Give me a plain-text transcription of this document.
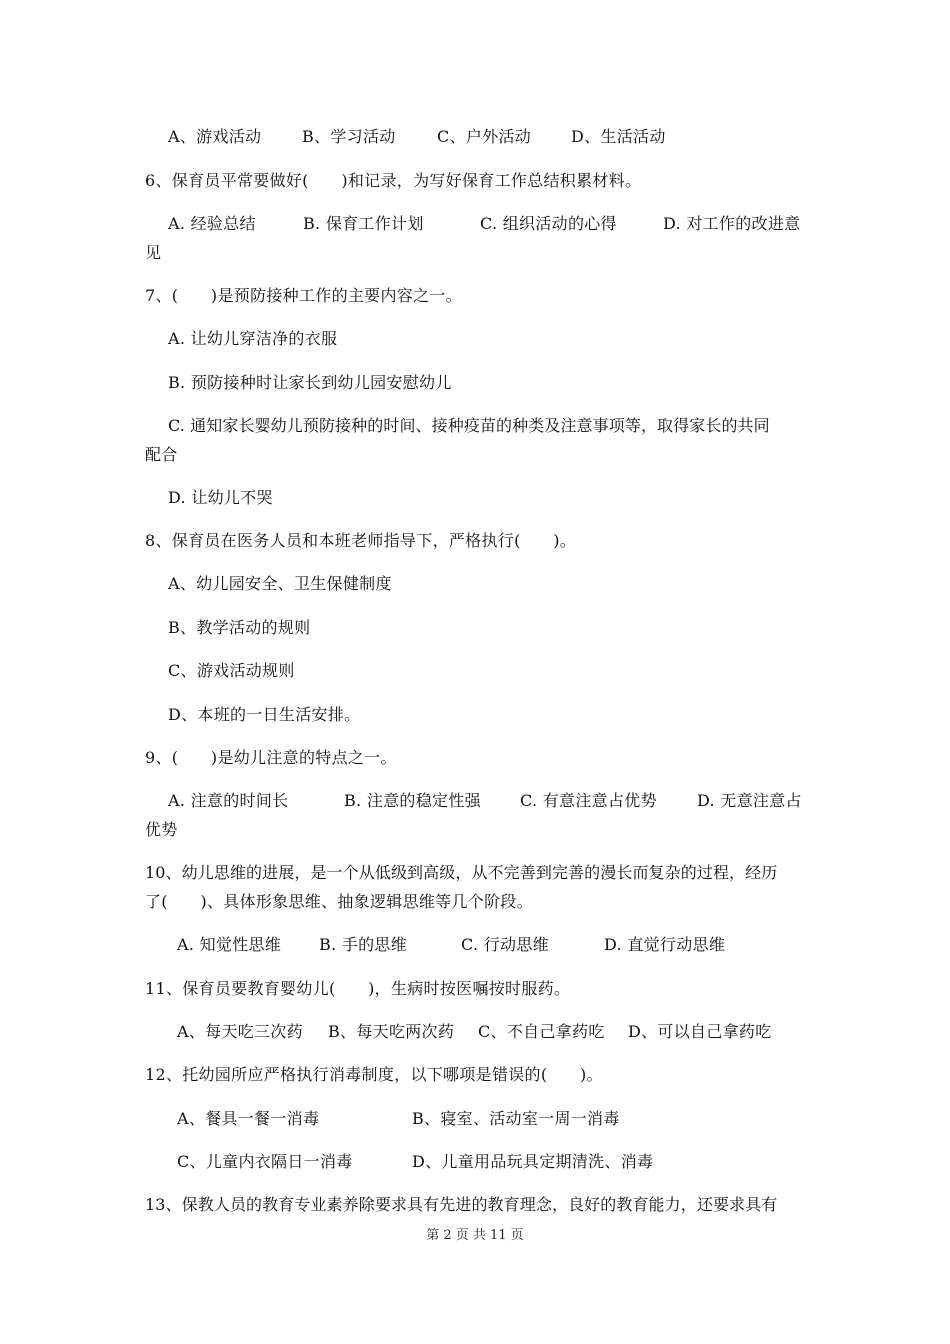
A、游戏活动	B、学习活动	C、户外活动 D、生活活动
6、保育员平常要做好(　　)和记录，为写好保育工作总结积累材料。
A. 经验总结	B. 保育工作计划	C. 组织活动的心得	D. 对工作的改进意
见
7、(　　)是预防接种工作的主要内容之一。
A. 让幼儿穿洁净的衣服
B. 预防接种时让家长到幼儿园安慰幼儿
C. 通知家长婴幼儿预防接种的时间、接种疫苗的种类及注意事项等，取得家长的共同
配合
D. 让幼儿不哭
8、保育员在医务人员和本班老师指导下，严格执行(　　)。
A、幼儿园安全、卫生保健制度
B、教学活动的规则
C、游戏活动规则
D、本班的一日生活安排。
9、(　　)是幼儿注意的特点之一。
A. 注意的时间长	B. 注意的稳定性强 C. 有意注意占优势	D. 无意注意占
优势
10、幼儿思维的进展，是一个从低级到高级，从不完善到完善的漫长而复杂的过程，经历
了(　　)、具体形象思维、抽象逻辑思维等几个阶段。
A. 知觉性思维 B. 手的思维	C. 行动思维	D. 直觉行动思维
11、保育员要教育婴幼儿(　　)，生病时按医嘱按时服药。
A、每天吃三次药 B、每天吃两次药 C、不自己拿药吃 D、可以自己拿药吃
12、托幼园所应严格执行消毒制度，以下哪项是错误的(　　)。
A、餐具一餐一消毒	B、寝室、活动室一周一消毒
C、儿童内衣隔日一消毒	D、儿童用品玩具定期清洗、消毒
13、保教人员的教育专业素养除要求具有先进的教育理念，良好的教育能力，还要求具有
第 2 页 共 11 页
